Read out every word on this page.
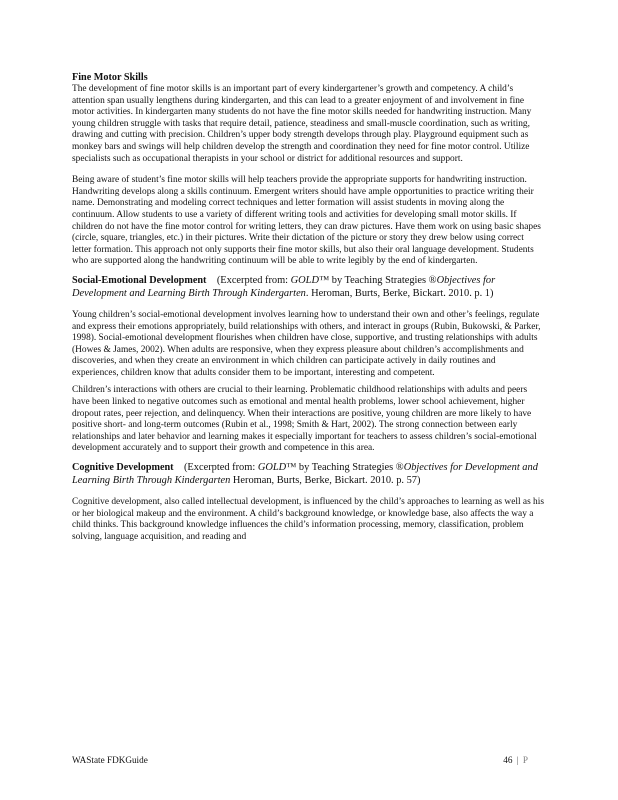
Fine Motor Skills

The development of fine motor skills is an important part of every kindergartener’s growth and competency. A child’s attention span usually lengthens during kindergarten, and this can lead to a greater enjoyment of and involvement in fine motor activities. In kindergarten many students do not have the fine motor skills needed for handwriting instruction. Many young children struggle with tasks that require detail, patience, steadiness and small-muscle coordination, such as writing, drawing and cutting with precision. Children’s upper body strength develops through play. Playground equipment such as monkey bars and swings will help children develop the strength and coordination they need for fine motor control. Utilize specialists such as occupational therapists in your school or district for additional resources and support.

Being aware of student’s fine motor skills will help teachers provide the appropriate supports for handwriting instruction. Handwriting develops along a skills continuum. Emergent writers should have ample opportunities to practice writing their name. Demonstrating and modeling correct techniques and letter formation will assist students in moving along the continuum. Allow students to use a variety of different writing tools and activities for developing small motor skills. If children do not have the fine motor control for writing letters, they can draw pictures. Have them work on using basic shapes (circle, square, triangles, etc.) in their pictures. Write their dictation of the picture or story they drew below using correct letter formation. This approach not only supports their fine motor skills, but also their oral language development. Students who are supported along the handwriting continuum will be able to write legibly by the end of kindergarten.

Social-Emotional Development (Excerpted from: GOLD™ by Teaching Strategies ®Objectives for Development and Learning Birth Through Kindergarten. Heroman, Burts, Berke, Bickart. 2010. p. 1)

Young children’s social-emotional development involves learning how to understand their own and other’s feelings, regulate and express their emotions appropriately, build relationships with others, and interact in groups (Rubin, Bukowski, & Parker, 1998). Social-emotional development flourishes when children have close, supportive, and trusting relationships with adults (Howes & James, 2002). When adults are responsive, when they express pleasure about children’s accomplishments and discoveries, and when they create an environment in which children can participate actively in daily routines and experiences, children know that adults consider them to be important, interesting and competent.

Children’s interactions with others are crucial to their learning. Problematic childhood relationships with adults and peers have been linked to negative outcomes such as emotional and mental health problems, lower school achievement, higher dropout rates, peer rejection, and delinquency. When their interactions are positive, young children are more likely to have positive short- and long-term outcomes (Rubin et al., 1998; Smith & Hart, 2002). The strong connection between early relationships and later behavior and learning makes it especially important for teachers to assess children’s social-emotional development accurately and to support their growth and competence in this area.

Cognitive Development (Excerpted from: GOLD™ by Teaching Strategies ®Objectives for Development and Learning Birth Through Kindergarten Heroman, Burts, Berke, Bickart. 2010. p. 57)

Cognitive development, also called intellectual development, is influenced by the child’s approaches to learning as well as his or her biological makeup and the environment. A child’s background knowledge, or knowledge base, also affects the way a child thinks. This background knowledge influences the child’s information processing, memory, classification, problem solving, language acquisition, and reading and

WAState FDKGuide	46 | P
